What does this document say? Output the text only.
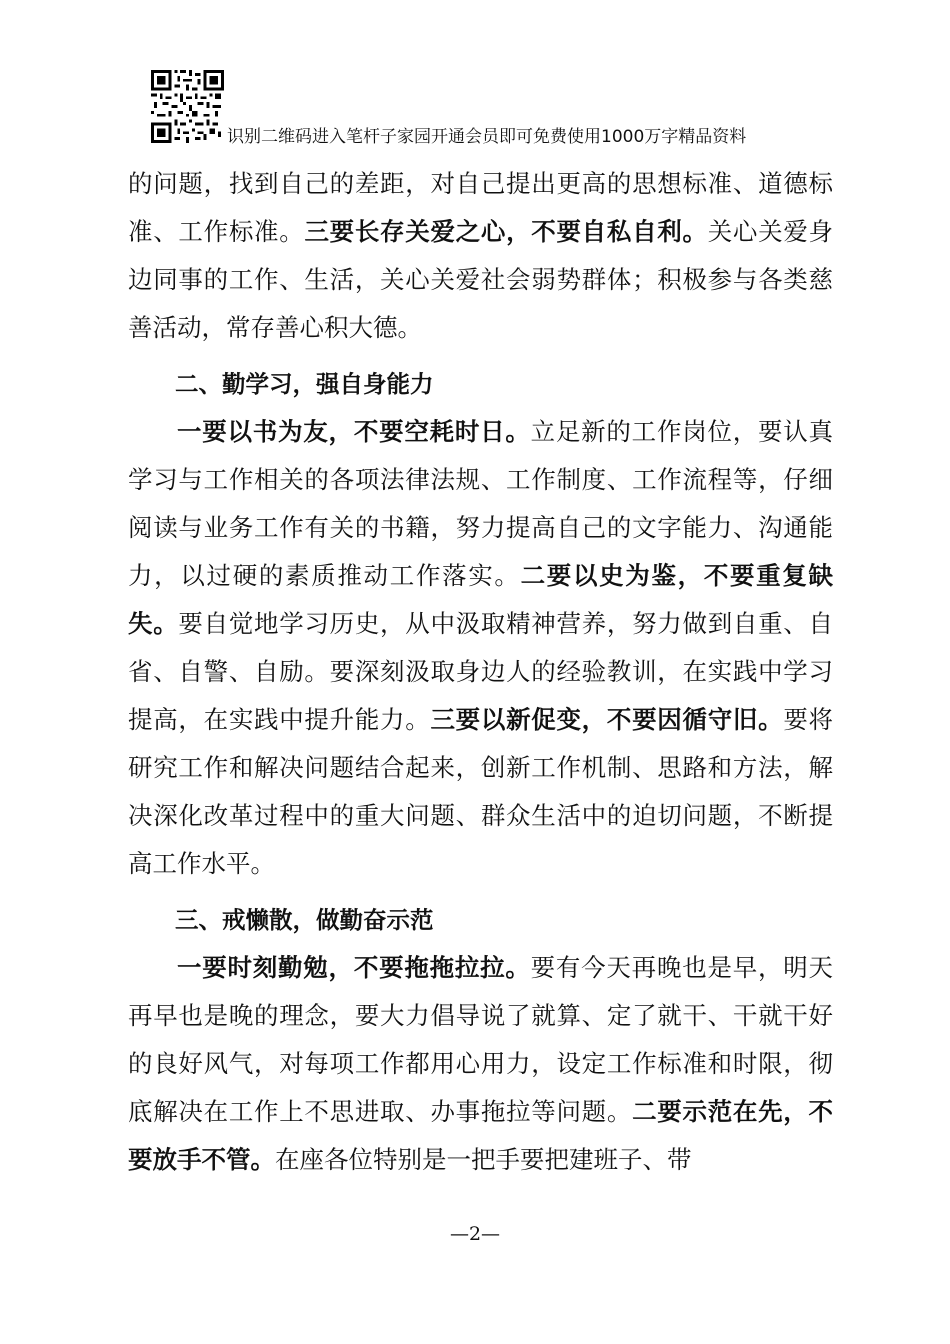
识别二维码进入笔杆子家园开通会员即可免费使用1000万字精品资料

的问题，找到自己的差距，对自己提出更高的思想标准、道德标准、工作标准。三要长存关爱之心，不要自私自利。关心关爱身边同事的工作、生活，关心关爱社会弱势群体；积极参与各类慈善活动，常存善心积大德。

二、勤学习，强自身能力

一要以书为友，不要空耗时日。立足新的工作岗位，要认真学习与工作相关的各项法律法规、工作制度、工作流程等，仔细阅读与业务工作有关的书籍，努力提高自己的文字能力、沟通能力，以过硬的素质推动工作落实。二要以史为鉴，不要重复缺失。要自觉地学习历史，从中汲取精神营养，努力做到自重、自省、自警、自励。要深刻汲取身边人的经验教训，在实践中学习提高，在实践中提升能力。三要以新促变，不要因循守旧。要将研究工作和解决问题结合起来，创新工作机制、思路和方法，解决深化改革过程中的重大问题、群众生活中的迫切问题，不断提高工作水平。

三、戒懒散，做勤奋示范

一要时刻勤勉，不要拖拖拉拉。要有今天再晚也是早，明天再早也是晚的理念，要大力倡导说了就算、定了就干、干就干好的良好风气，对每项工作都用心用力，设定工作标准和时限，彻底解决在工作上不思进取、办事拖拉等问题。二要示范在先，不要放手不管。在座各位特别是一把手要把建班子、带

—2—
